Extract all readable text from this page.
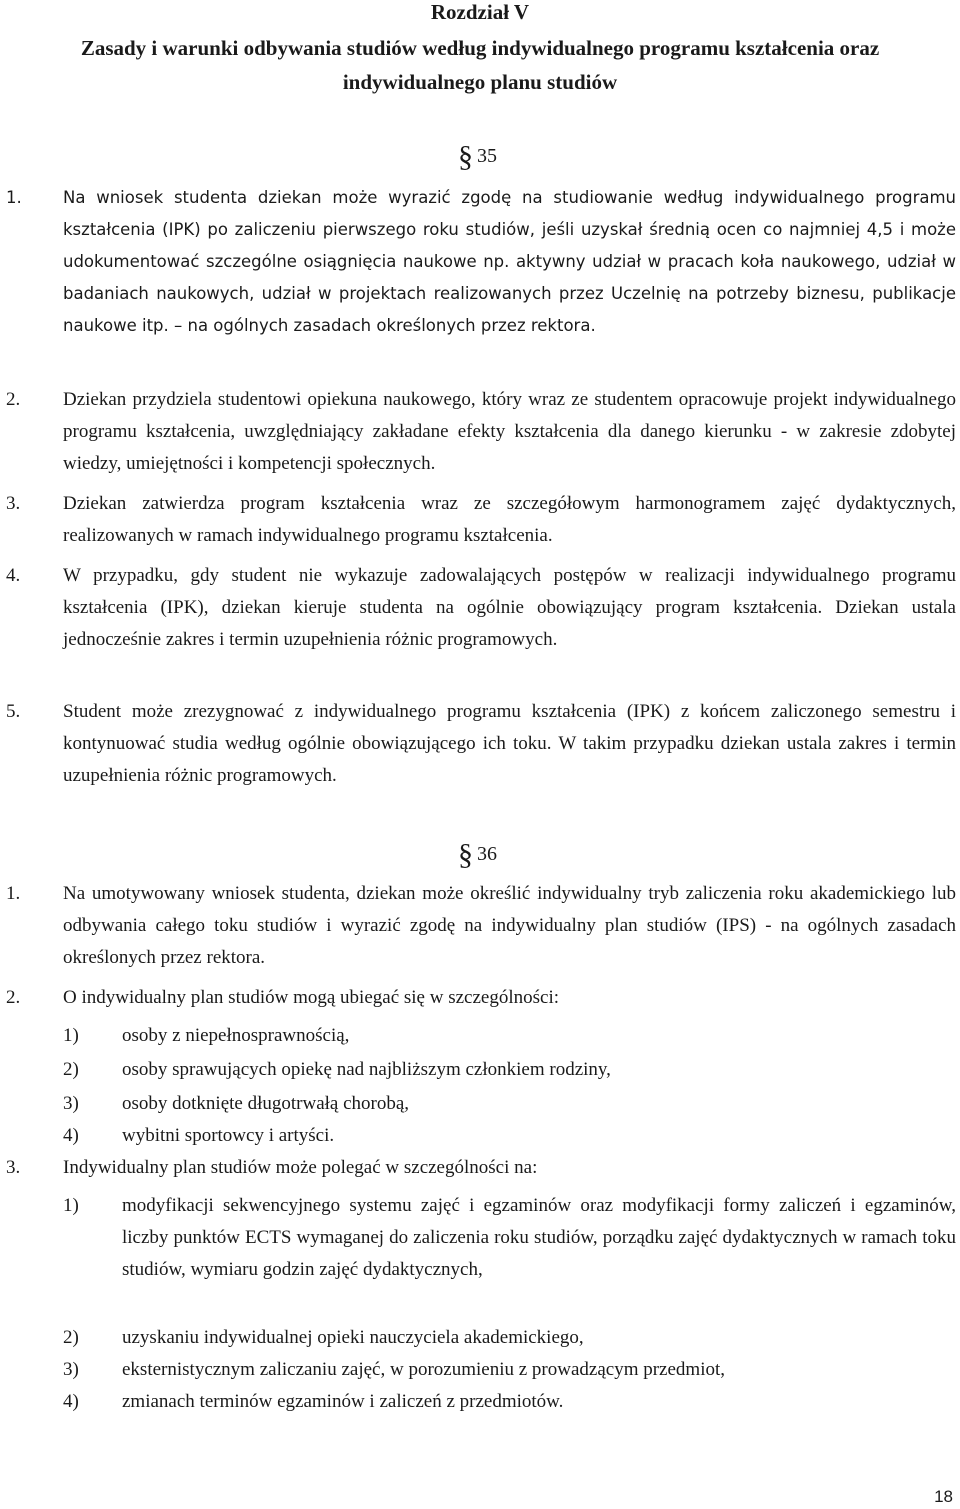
Rozdział V
Zasady i warunki odbywania studiów według indywidualnego programu kształcenia oraz
indywidualnego planu studiów
§ 35
1.	Na wniosek studenta dziekan może wyrazić zgodę na studiowanie według indywidualnego programu kształcenia (IPK) po zaliczeniu pierwszego roku studiów, jeśli uzyskał średnią ocen co najmniej 4,5 i może udokumentować szczególne osiągnięcia naukowe np. aktywny udział w pracach koła naukowego, udział w badaniach naukowych, udział w projektach realizowanych przez Uczelnię na potrzeby biznesu, publikacje naukowe itp. – na ogólnych zasadach określonych przez rektora.
2. Dziekan przydziela studentowi opiekuna naukowego, który wraz ze studentem opracowuje projekt indywidualnego programu kształcenia, uwzględniający zakładane efekty kształcenia dla danego kierunku - w zakresie zdobytej wiedzy, umiejętności i kompetencji społecznych.
3. Dziekan zatwierdza program kształcenia wraz ze szczegółowym harmonogramem zajęć dydaktycznych, realizowanych w ramach indywidualnego programu kształcenia.
4. W przypadku, gdy student nie wykazuje zadowalających postępów w realizacji indywidualnego programu kształcenia (IPK), dziekan kieruje studenta na ogólnie obowiązujący program kształcenia. Dziekan ustala jednocześnie zakres i termin uzupełnienia różnic programowych.
5. Student może zrezygnować z indywidualnego programu kształcenia (IPK) z końcem zaliczonego semestru i kontynuować studia według ogólnie obowiązującego ich toku. W takim przypadku dziekan ustala zakres i termin uzupełnienia różnic programowych.
§ 36
1. Na umotywowany wniosek studenta, dziekan może określić indywidualny tryb zaliczenia roku akademickiego lub odbywania całego toku studiów i wyrazić zgodę na indywidualny plan studiów (IPS) - na ogólnych zasadach określonych przez rektora.
2. O indywidualny plan studiów mogą ubiegać się w szczególności:
1) osoby z niepełnosprawnością,
2) osoby sprawujących opiekę nad najbliższym członkiem rodziny,
3) osoby dotknięte długotrwałą chorobą,
4) wybitni sportowcy i artyści.
3. Indywidualny plan studiów może polegać w szczególności na:
1) modyfikacji sekwencyjnego systemu zajęć i egzaminów oraz modyfikacji formy zaliczeń i egzaminów, liczby punktów ECTS wymaganej do zaliczenia roku studiów, porządku zajęć dydaktycznych w ramach toku studiów, wymiaru godzin zajęć dydaktycznych,
2) uzyskaniu indywidualnej opieki nauczyciela akademickiego,
3) eksternistycznym zaliczaniu zajęć, w porozumieniu z prowadzącym przedmiot,
4) zmianach terminów egzaminów i zaliczeń z przedmiotów.
18
